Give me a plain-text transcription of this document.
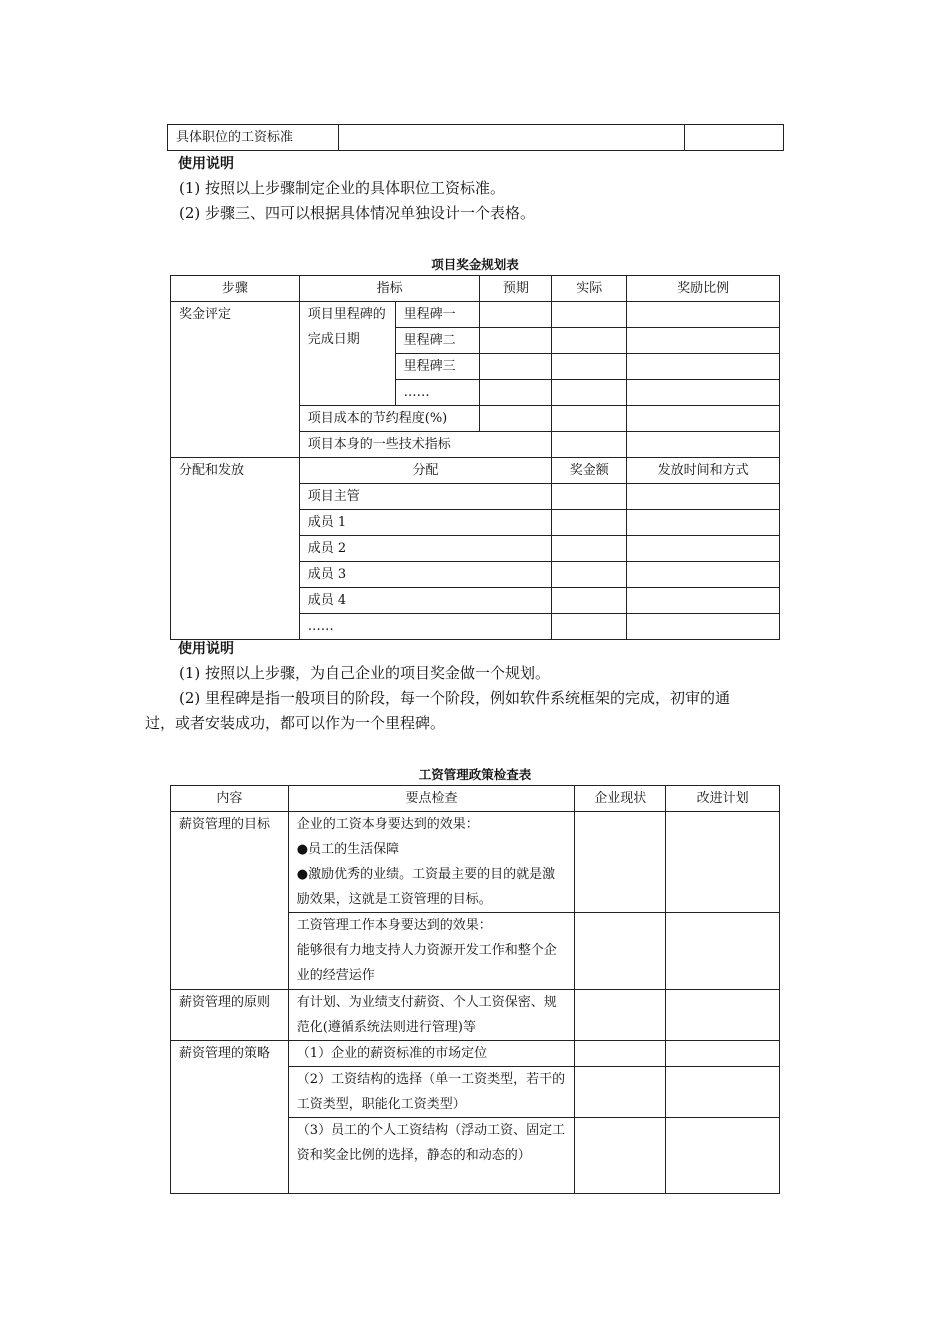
具体职位的工资标准		
使用说明
(1) 按照以上步骤制定企业的具体职位工资标准。
(2) 步骤三、四可以根据具体情况单独设计一个表格。
项目奖金规划表
步骤	指标		预期	实际	奖励比例
奖金评定	项目里程碑的完成日期	里程碑一			
		里程碑二			
		里程碑三			
		……			
	项目成本的节约程度(%)				
	项目本身的一些技术指标				
分配和发放	分配			奖金额	发放时间和方式
	项目主管				
	成员 1				
	成员 2				
	成员 3				
	成员 4				
	……				
使用说明
(1) 按照以上步骤，为自己企业的项目奖金做一个规划。
(2) 里程碑是指一般项目的阶段，每一个阶段，例如软件系统框架的完成，初审的通
过，或者安装成功，都可以作为一个里程碑。
工资管理政策检查表
内容	要点检查	企业现状	改进计划
薪资管理的目标	企业的工资本身要达到的效果：

●员工的生活保障

●激励优秀的业绩。工资最主要的目的就是激励效果，这就是工资管理的目标。		

	工资管理工作本身要达到的效果：

能够很有力地支持人力资源开发工作和整个企业的经营运作		

薪资管理的原则	有计划、为业绩支付薪资、个人工资保密、规范化(遵循系统法则进行管理)等		
薪资管理的策略	（1）企业的薪资标准的市场定位		
	（2）工资结构的选择（单一工资类型，若干的工资类型，职能化工资类型）		
	（3）员工的个人工资结构（浮动工资、固定工资和奖金比例的选择，静态的和动态的）		
